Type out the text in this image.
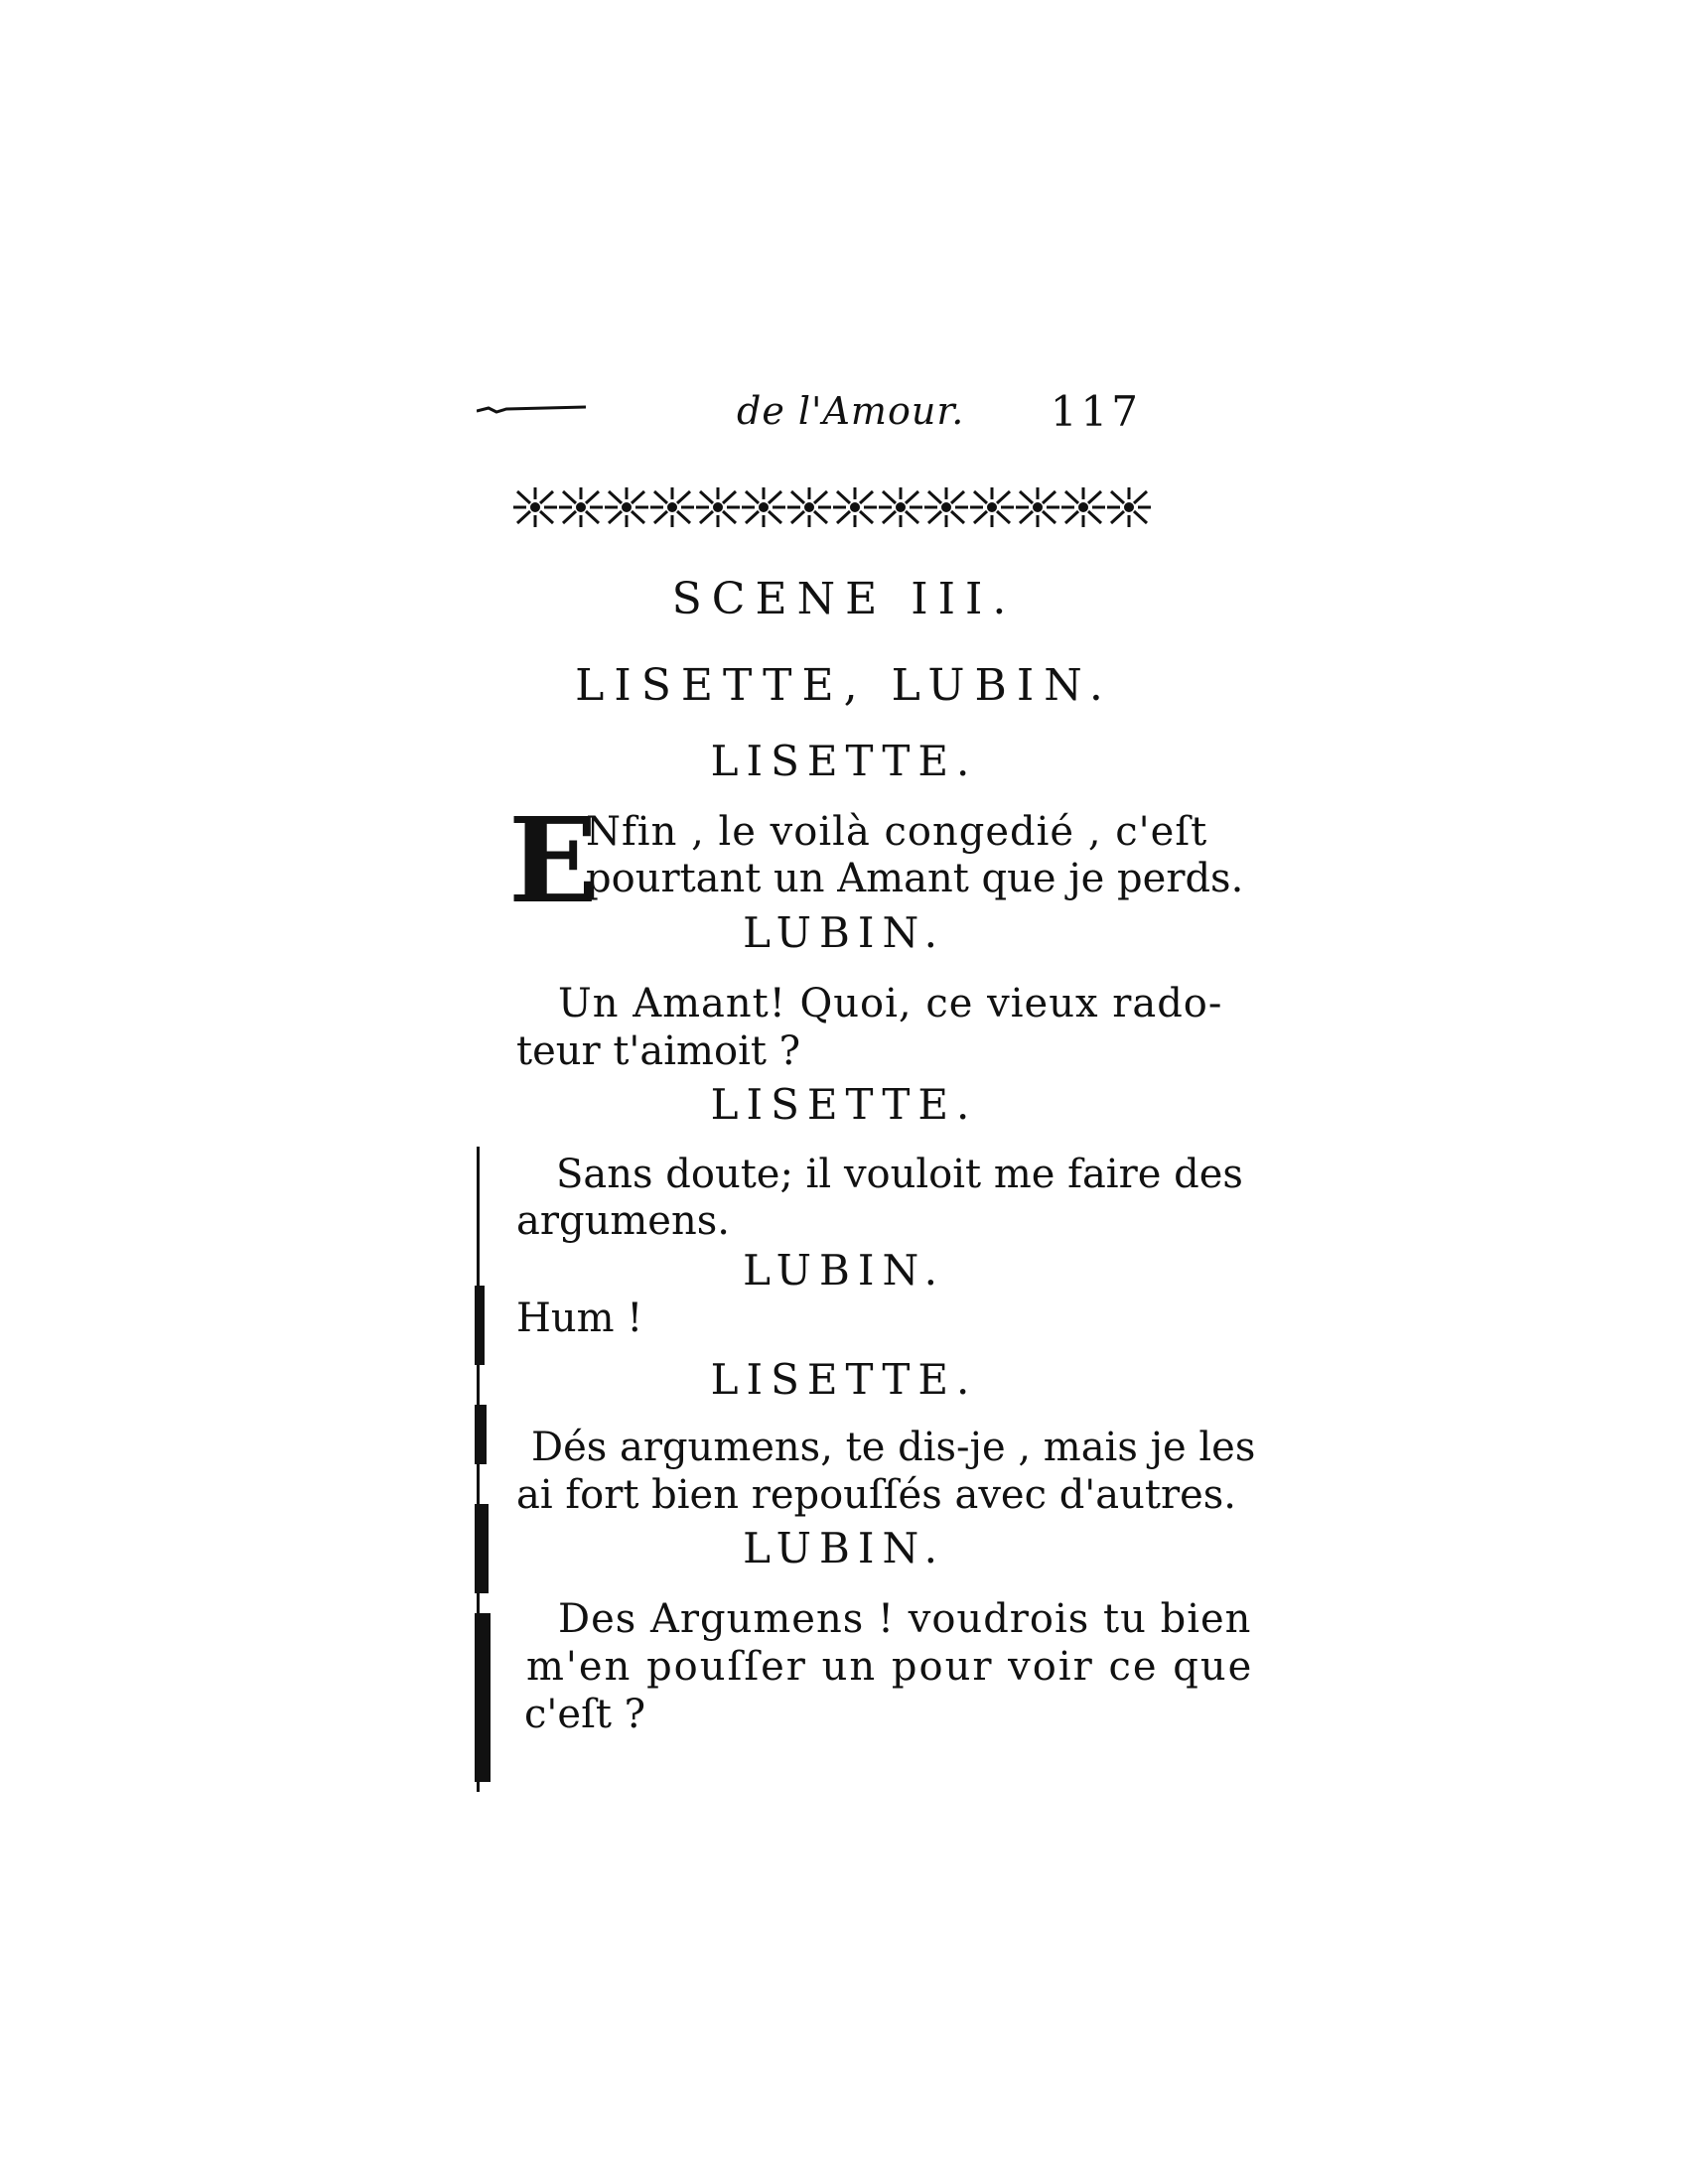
de l'Amour. 117
SCENE III.
LISETTE, LUBIN.
LISETTE.
E
Nfin , le voilà congedié , c'eſt
pourtant un Amant que je perds.
LUBIN.
Un Amant! Quoi, ce vieux rado-
teur t'aimoit ?
LISETTE.
Sans doute; il vouloit me faire des
argumens.
LUBIN.
Hum !
LISETTE.
Dés argumens, te dis-je , mais je les
ai fort bien repouſſés avec d'autres.
LUBIN.
Des Argumens ! voudrois tu bien
m'en pouſſer un pour voir ce que
c'eſt ?
